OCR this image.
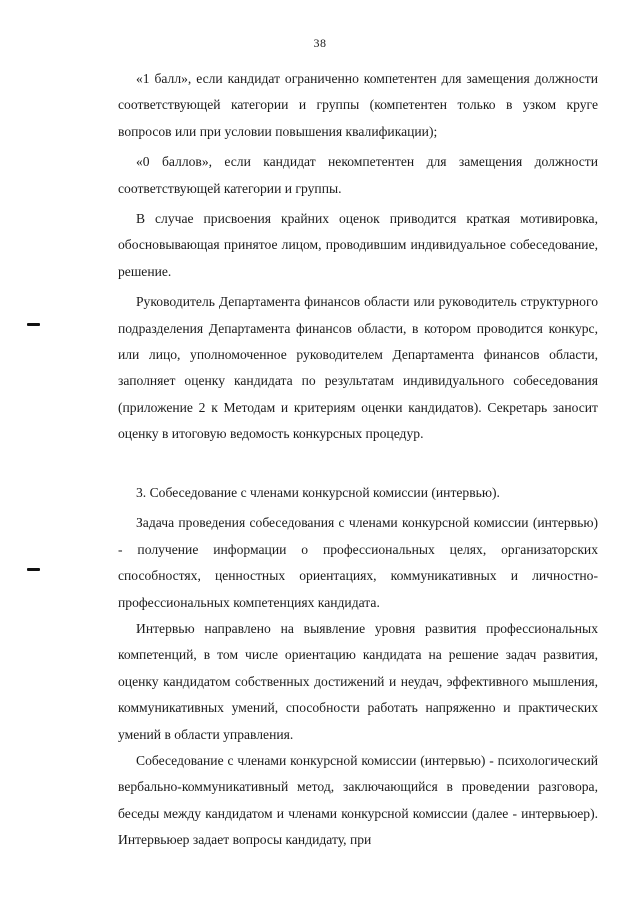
38

«1 балл», если кандидат ограниченно компетентен для замещения должности соответствующей категории и группы (компетентен только в узком круге вопросов или при условии повышения квалификации);

«0 баллов», если кандидат некомпетентен для замещения должности соответствующей категории и группы.

В случае присвоения крайних оценок приводится краткая мотивировка, обосновывающая принятое лицом, проводившим индивидуальное собеседование, решение.

Руководитель Департамента финансов области или руководитель структурного подразделения Департамента финансов области, в котором проводится конкурс, или лицо, уполномоченное руководителем Департамента финансов области, заполняет оценку кандидата по результатам индивидуального собеседования (приложение 2 к Методам и критериям оценки кандидатов). Секретарь заносит оценку в итоговую ведомость конкурсных процедур.

3. Собеседование с членами конкурсной комиссии (интервью).

Задача проведения собеседования с членами конкурсной комиссии (интервью) - получение информации о профессиональных целях, организаторских способностях, ценностных ориентациях, коммуникативных и личностно-профессиональных компетенциях кандидата.

Интервью направлено на выявление уровня развития профессиональных компетенций, в том числе ориентацию кандидата на решение задач развития, оценку кандидатом собственных достижений и неудач, эффективного мышления, коммуникативных умений, способности работать напряженно и практических умений в области управления.

Собеседование с членами конкурсной комиссии (интервью) - психологический вербально-коммуникативный метод, заключающийся в проведении разговора, беседы между кандидатом и членами конкурсной комиссии (далее - интервьюер). Интервьюер задает вопросы кандидату, при
